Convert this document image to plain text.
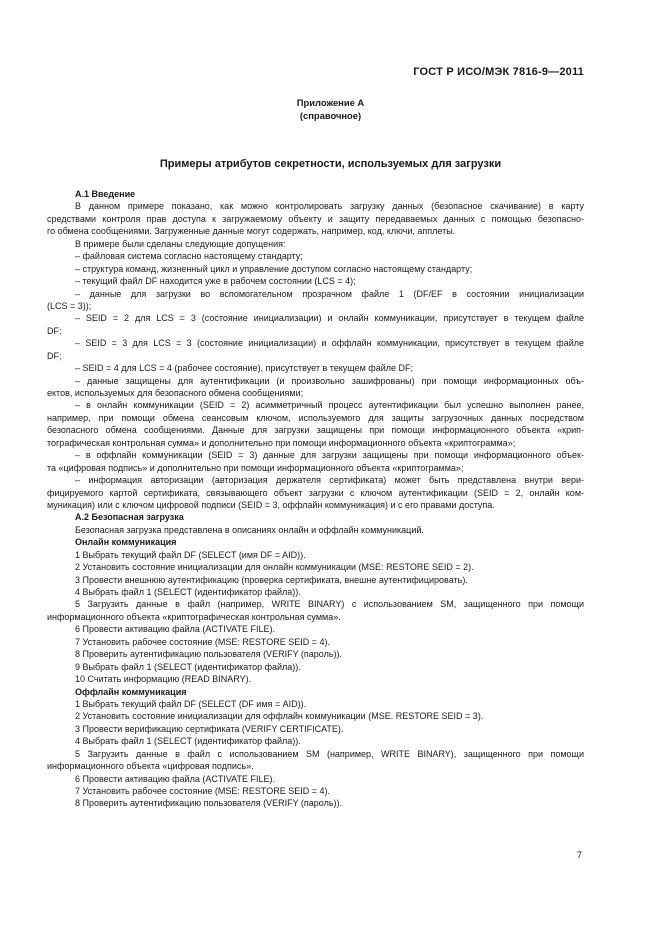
ГОСТ Р ИСО/МЭК 7816-9—2011
Приложение А
(справочное)
Примеры атрибутов секретности, используемых для загрузки
А.1 Введение
В данном примере показано, как можно контролировать загрузку данных (безопасное скачивание) в карту
средствами контроля прав доступа к загружаемому объекту и защиту передаваемых данных с помощью безопасно-
го обмена сообщениями. Загруженные данные могут содержать, например, код, ключи, апплеты.
В примере были сделаны следующие допущения:
– файловая система согласно настоящему стандарту;
– структура команд, жизненный цикл и управление доступом согласно настоящему стандарту;
– текущий файл DF находится уже в рабочем состоянии (LCS = 4);
– данные для загрузки во вспомогательном прозрачном файле 1 (DF/EF в состоянии инициализации
(LCS = 3));
– SEID = 2 для LCS = 3 (состояние инициализации) и онлайн коммуникации, присутствует в текущем файле
DF;
– SEID = 3 для LCS = 3 (состояние инициализации) и оффлайн коммуникации, присутствует в текущем файле
DF;
– SEID = 4 для LCS = 4 (рабочее состояние), присутствует в текущем файле DF;
– данные защищены для аутентификации (и произвольно зашифрованы) при помощи информационных объ-
ектов, используемых для безопасного обмена сообщениями;
– в онлайн коммуникации (SEID = 2) асимметричный процесс аутентификации был успешно выполнен ранее,
например, при помощи обмена сеансовым ключом, используемого для защиты загрузочных данных посредством
безопасного обмена сообщениями. Данные для загрузки защищены при помощи информационного объекта «крип-
тографическая контрольная сумма» и дополнительно при помощи информационного объекта «криптограмма»;
– в оффлайн коммуникации (SEID = 3) данные для загрузки защищены при помощи информационного объек-
та «цифровая подпись» и дополнительно при помощи информационного объекта «криптограмма»;
– информация авторизации (авторизация держателя сертификата) может быть представлена внутри вери-
фицируемого картой сертификата, связывающего объект загрузки с ключом аутентификации (SEID = 2, онлайн ком-
муникация) или с ключом цифровой подписи (SEID = 3, оффлайн коммуникация) и с его правами доступа.
А.2 Безопасная загрузка
Безопасная загрузка представлена в описаниях онлайн и оффлайн коммуникаций.
Онлайн коммуникация
1 Выбрать текущий файл DF (SELECT (имя DF = AID)).
2 Установить состояние инициализации для онлайн коммуникации (MSE: RESTORE SEID = 2).
3 Провести внешнюю аутентификацию (проверка сертификата, внешне аутентифицировать).
4 Выбрать файл 1 (SELECT (идентификатор файла)).
5 Загрузить данные в файл (например, WRITE BINARY) с использованием SM, защищенного при помощи
информационного объекта «криптографическая контрольная сумма».
6 Провести активацию файла (ACTIVATE FILE).
7 Установить рабочее состояние (MSE: RESTORE SEID = 4).
8 Проверить аутентификацию пользователя (VERIFY (пароль)).
9 Выбрать файл 1 (SELECT (идентификатор файла)).
10 Считать информацию (READ BINARY).
Оффлайн коммуникация
1 Выбрать текущий файл DF (SELECT (DF имя = AID)).
2 Установить состояние инициализации для оффлайн коммуникации (MSE. RESTORE SEID = 3).
3 Провести верификацию сертификата (VERIFY CERTIFICATE).
4 Выбрать файл 1 (SELECT (идентификатор файла)).
5 Загрузить данные в файл с использованием SM (например, WRITE BINARY), защищенного при помощи
информационного объекта «цифровая подпись».
6 Провести активацию файла (ACTIVATE FILE).
7 Установить рабочее состояние (MSE: RESTORE SEID = 4).
8 Проверить аутентификацию пользователя (VERIFY (пароль)).
7
